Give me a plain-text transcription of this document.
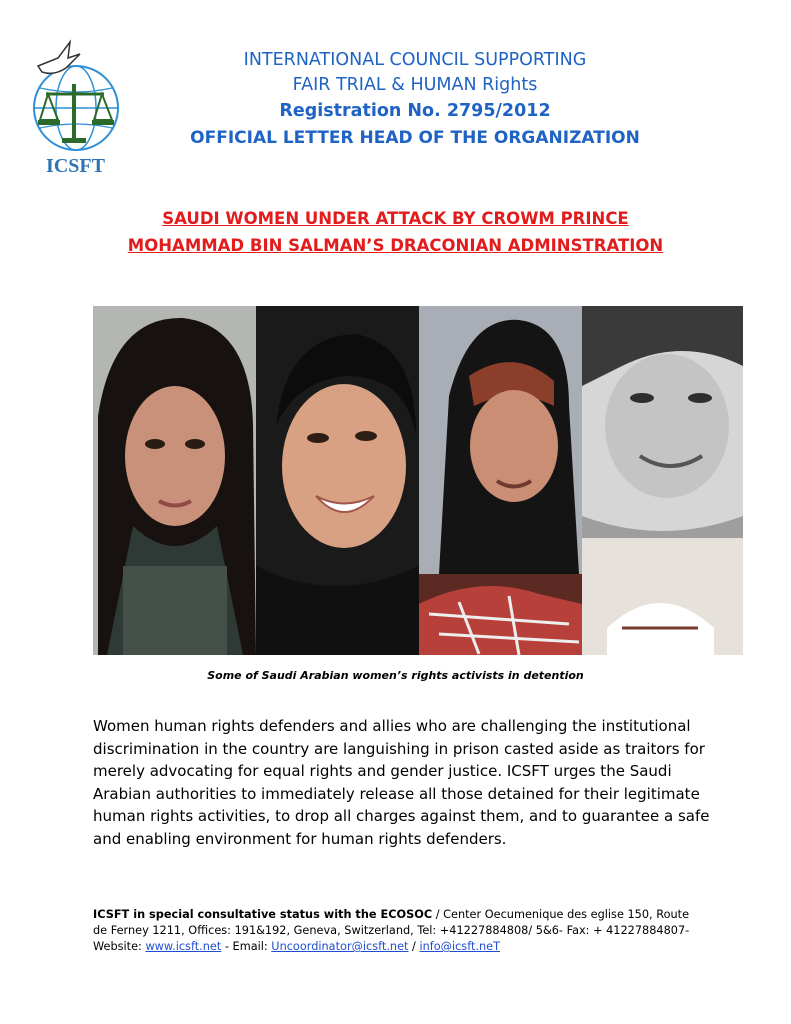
ICSFT
INTERNATIONAL COUNCIL SUPPORTING
FAIR TRIAL & HUMAN Rights
Registration No. 2795/2012
OFFICIAL LETTER HEAD OF THE ORGANIZATION
SAUDI WOMEN UNDER ATTACK BY CROWM PRINCE
MOHAMMAD BIN SALMAN’S DRACONIAN ADMINSTRATION
Some of Saudi Arabian women’s rights activists in detention
Women human rights defenders and allies who are challenging the institutional discrimination in the country are languishing in prison casted aside as traitors for merely advocating for equal rights and gender justice. ICSFT urges the Saudi Arabian authorities to immediately release all those detained for their legitimate human rights activities, to drop all charges against them, and to guarantee a safe and enabling environment for human rights defenders.
ICSFT in special consultative status with the ECOSOC / Center Oecumenique des eglise 150, Route de Ferney 1211, Offices: 191&192, Geneva, Switzerland, Tel: +41227884808/ 5&6- Fax: + 41227884807- Website: www.icsft.net - Email: Uncoordinator@icsft.net / info@icsft.neT
